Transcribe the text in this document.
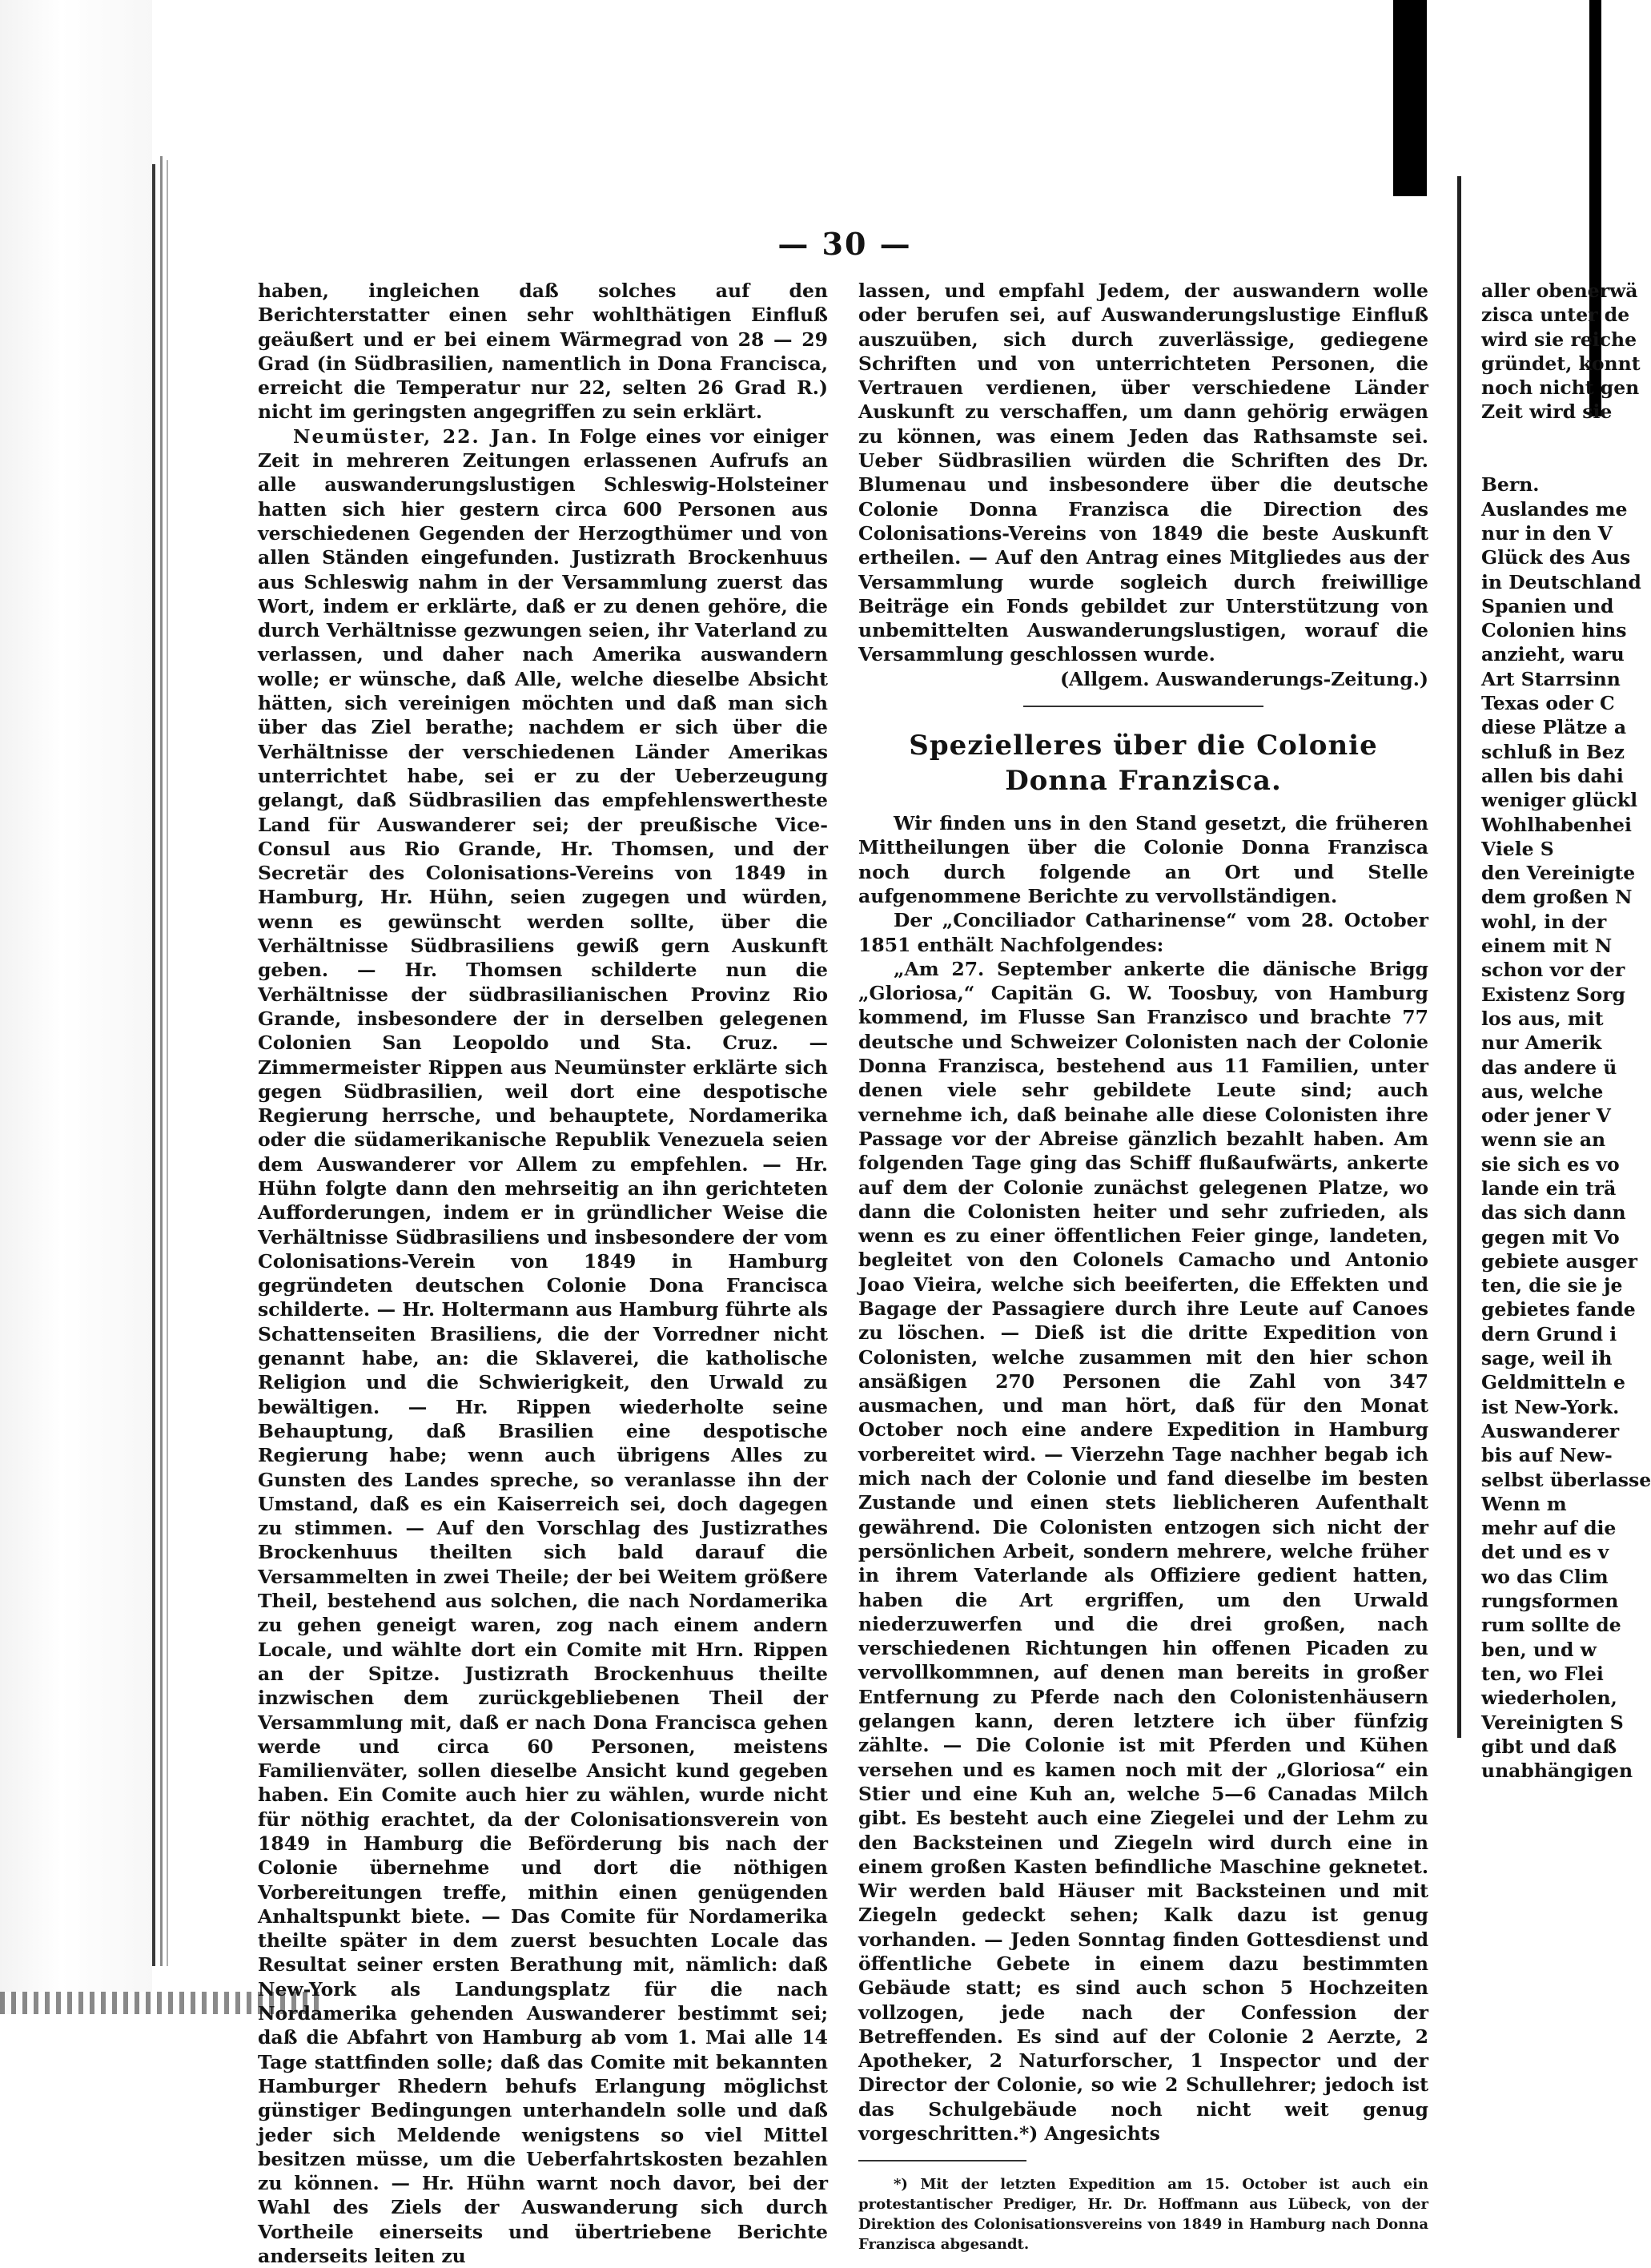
— 30 —

haben, ingleichen daß solches auf den Berichterstatter einen sehr wohlthätigen Einfluß geäußert und er bei einem Wärmegrad von 28 — 29 Grad (in Südbrasilien, namentlich in Dona Francisca, erreicht die Temperatur nur 22, selten 26 Grad R.) nicht im geringsten angegriffen zu sein erklärt.

Neumüster, 22. Jan. In Folge eines vor einiger Zeit in mehreren Zeitungen erlassenen Aufrufs an alle auswanderungslustigen Schleswig-Holsteiner hatten sich hier gestern circa 600 Personen aus verschiedenen Gegenden der Herzogthümer und von allen Ständen eingefunden. Justizrath Brockenhuus aus Schleswig nahm in der Versammlung zuerst das Wort, indem er erklärte, daß er zu denen gehöre, die durch Verhältnisse gezwungen seien, ihr Vaterland zu verlassen, und daher nach Amerika auswandern wolle; er wünsche, daß Alle, welche dieselbe Absicht hätten, sich vereinigen möchten und daß man sich über das Ziel berathe; nachdem er sich über die Verhältnisse der verschiedenen Länder Amerikas unterrichtet habe, sei er zu der Ueberzeugung gelangt, daß Südbrasilien das empfehlenswertheste Land für Auswanderer sei; der preußische Vice-Consul aus Rio Grande, Hr. Thomsen, und der Secretär des Colonisations-Vereins von 1849 in Hamburg, Hr. Hühn, seien zugegen und würden, wenn es gewünscht werden sollte, über die Verhältnisse Südbrasiliens gewiß gern Auskunft geben. — Hr. Thomsen schilderte nun die Verhältnisse der südbrasilianischen Provinz Rio Grande, insbesondere der in derselben gelegenen Colonien San Leopoldo und Sta. Cruz. — Zimmermeister Rippen aus Neumünster erklärte sich gegen Südbrasilien, weil dort eine despotische Regierung herrsche, und behauptete, Nordamerika oder die südamerikanische Republik Venezuela seien dem Auswanderer vor Allem zu empfehlen. — Hr. Hühn folgte dann den mehrseitig an ihn gerichteten Aufforderungen, indem er in gründlicher Weise die Verhältnisse Südbrasiliens und insbesondere der vom Colonisations-Verein von 1849 in Hamburg gegründeten deutschen Colonie Dona Francisca schilderte. — Hr. Holtermann aus Hamburg führte als Schattenseiten Brasiliens, die der Vorredner nicht genannt habe, an: die Sklaverei, die katholische Religion und die Schwierigkeit, den Urwald zu bewältigen. — Hr. Rippen wiederholte seine Behauptung, daß Brasilien eine despotische Regierung habe; wenn auch übrigens Alles zu Gunsten des Landes spreche, so veranlasse ihn der Umstand, daß es ein Kaiserreich sei, doch dagegen zu stimmen. — Auf den Vorschlag des Justizrathes Brockenhuus theilten sich bald darauf die Versammelten in zwei Theile; der bei Weitem größere Theil, bestehend aus solchen, die nach Nordamerika zu gehen geneigt waren, zog nach einem andern Locale, und wählte dort ein Comite mit Hrn. Rippen an der Spitze. Justizrath Brockenhuus theilte inzwischen dem zurückgebliebenen Theil der Versammlung mit, daß er nach Dona Francisca gehen werde und circa 60 Personen, meistens Familienväter, sollen dieselbe Ansicht kund gegeben haben. Ein Comite auch hier zu wählen, wurde nicht für nöthig erachtet, da der Colonisationsverein von 1849 in Hamburg die Beförderung bis nach der Colonie übernehme und dort die nöthigen Vorbereitungen treffe, mithin einen genügenden Anhaltspunkt biete. — Das Comite für Nordamerika theilte später in dem zuerst besuchten Locale das Resultat seiner ersten Berathung mit, nämlich: daß New-York als Landungsplatz für die nach Nordamerika gehenden Auswanderer bestimmt sei; daß die Abfahrt von Hamburg ab vom 1. Mai alle 14 Tage stattfinden solle; daß das Comite mit bekannten Hamburger Rhedern behufs Erlangung möglichst günstiger Bedingungen unterhandeln solle und daß jeder sich Meldende wenigstens so viel Mittel besitzen müsse, um die Ueberfahrtskosten bezahlen zu können. — Hr. Hühn warnt noch davor, bei der Wahl des Ziels der Auswanderung sich durch Vortheile einerseits und übertriebene Berichte anderseits leiten zu

lassen, und empfahl Jedem, der auswandern wolle oder berufen sei, auf Auswanderungslustige Einfluß auszuüben, sich durch zuverlässige, gediegene Schriften und von unterrichteten Personen, die Vertrauen verdienen, über verschiedene Länder Auskunft zu verschaffen, um dann gehörig erwägen zu können, was einem Jeden das Rathsamste sei. Ueber Südbrasilien würden die Schriften des Dr. Blumenau und insbesondere über die deutsche Colonie Donna Franzisca die Direction des Colonisations-Vereins von 1849 die beste Auskunft ertheilen. — Auf den Antrag eines Mitgliedes aus der Versammlung wurde sogleich durch freiwillige Beiträge ein Fonds gebildet zur Unterstützung von unbemittelten Auswanderungslustigen, worauf die Versammlung geschlossen wurde.

(Allgem. Auswanderungs-Zeitung.)

Spezielleres über die Colonie Donna Franzisca.

Wir finden uns in den Stand gesetzt, die früheren Mittheilungen über die Colonie Donna Franzisca noch durch folgende an Ort und Stelle aufgenommene Berichte zu vervollständigen.

Der „Conciliador Catharinense“ vom 28. October 1851 enthält Nachfolgendes:

„Am 27. September ankerte die dänische Brigg „Gloriosa,“ Capitän G. W. Toosbuy, von Hamburg kommend, im Flusse San Franzisco und brachte 77 deutsche und Schweizer Colonisten nach der Colonie Donna Franzisca, bestehend aus 11 Familien, unter denen viele sehr gebildete Leute sind; auch vernehme ich, daß beinahe alle diese Colonisten ihre Passage vor der Abreise gänzlich bezahlt haben. Am folgenden Tage ging das Schiff flußaufwärts, ankerte auf dem der Colonie zunächst gelegenen Platze, wo dann die Colonisten heiter und sehr zufrieden, als wenn es zu einer öffentlichen Feier ginge, landeten, begleitet von den Colonels Camacho und Antonio Joao Vieira, welche sich beeiferten, die Effekten und Bagage der Passagiere durch ihre Leute auf Canoes zu löschen. — Dieß ist die dritte Expedition von Colonisten, welche zusammen mit den hier schon ansäßigen 270 Personen die Zahl von 347 ausmachen, und man hört, daß für den Monat October noch eine andere Expedition in Hamburg vorbereitet wird. — Vierzehn Tage nachher begab ich mich nach der Colonie und fand dieselbe im besten Zustande und einen stets lieblicheren Aufenthalt gewährend. Die Colonisten entzogen sich nicht der persönlichen Arbeit, sondern mehrere, welche früher in ihrem Vaterlande als Offiziere gedient hatten, haben die Art ergriffen, um den Urwald niederzuwerfen und die drei großen, nach verschiedenen Richtungen hin offenen Picaden zu vervollkommnen, auf denen man bereits in großer Entfernung zu Pferde nach den Colonistenhäusern gelangen kann, deren letztere ich über fünfzig zählte. — Die Colonie ist mit Pferden und Kühen versehen und es kamen noch mit der „Gloriosa“ ein Stier und eine Kuh an, welche 5—6 Canadas Milch gibt. Es besteht auch eine Ziegelei und der Lehm zu den Backsteinen und Ziegeln wird durch eine in einem großen Kasten befindliche Maschine geknetet. Wir werden bald Häuser mit Backsteinen und mit Ziegeln gedeckt sehen; Kalk dazu ist genug vorhanden. — Jeden Sonntag finden Gottesdienst und öffentliche Gebete in einem dazu bestimmten Gebäude statt; es sind auch schon 5 Hochzeiten vollzogen, jede nach der Confession der Betreffenden. Es sind auf der Colonie 2 Aerzte, 2 Apotheker, 2 Naturforscher, 1 Inspector und der Director der Colonie, so wie 2 Schullehrer; jedoch ist das Schulgebäude noch nicht weit genug vorgeschritten.*) Angesichts

*) Mit der letzten Expedition am 15. October ist auch ein protestantischer Prediger, Hr. Dr. Hoffmann aus Lübeck, von der Direktion des Colonisationsvereins von 1849 in Hamburg nach Donna Franzisca abgesandt.

aller obenerwä
zisca unter de
wird sie reiche
gründet, konnt
noch nicht gen
Zeit wird sie

Bern.
Auslandes me
nur in den V
Glück des Aus
in Deutschland
Spanien und
Colonien hins
anzieht, waru
Art Starrsinn
Texas oder C
diese Plätze a
schluß in Bez
allen bis dahi
weniger glückl
Wohlhabenhei
Viele S
den Vereinigte
dem großen N
wohl, in der
einem mit N
schon vor der
Existenz Sorg
los aus, mit
nur Amerik
das andere ü
aus, welche
oder jener V
wenn sie an
sie sich es vo
lande ein trä
das sich dann
gegen mit Vo
gebiete ausger
ten, die sie je
gebietes fande
dern Grund i
sage, weil ih
Geldmitteln e
ist New-York.
Auswanderer
bis auf New-
selbst überlasse
Wenn m
mehr auf die
det und es v
wo das Clim
rungsformen
rum sollte de
ben, und w
ten, wo Flei
wiederholen,
Vereinigten S
gibt und daß
unabhängigen
